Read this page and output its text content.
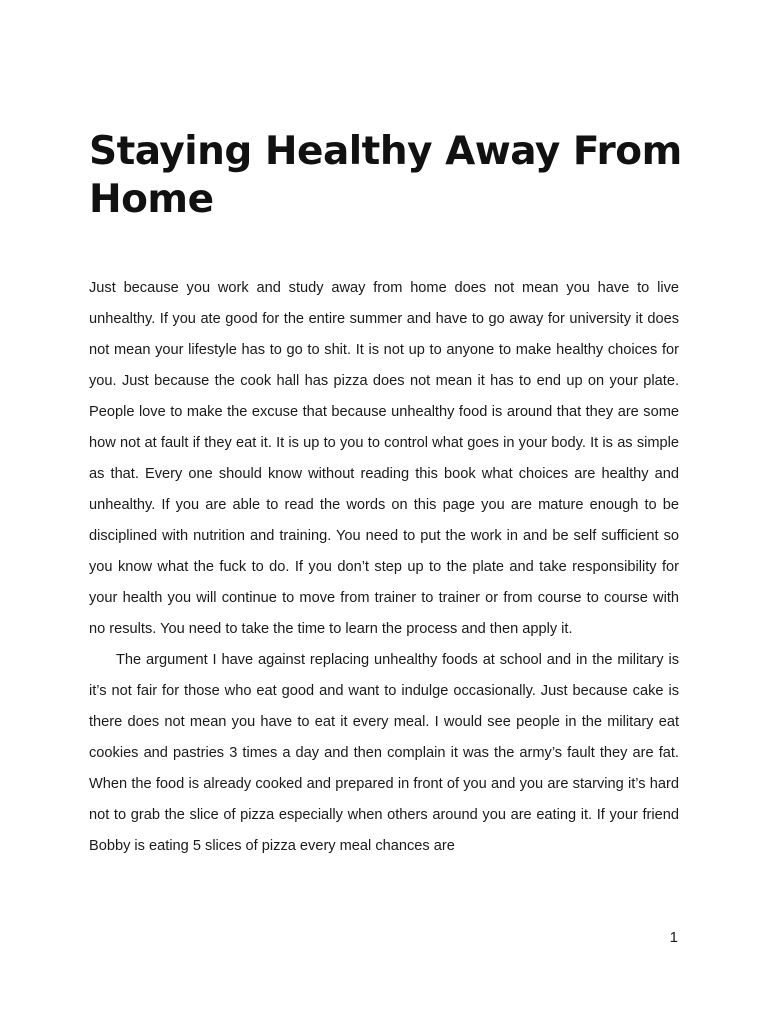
Staying Healthy Away From Home

Just because you work and study away from home does not mean you have to live unhealthy. If you ate good for the entire summer and have to go away for university it does not mean your lifestyle has to go to shit. It is not up to anyone to make healthy choices for you. Just because the cook hall has pizza does not mean it has to end up on your plate. People love to make the excuse that because unhealthy food is around that they are some how not at fault if they eat it. It is up to you to control what goes in your body. It is as simple as that. Every one should know without reading this book what choices are healthy and unhealthy. If you are able to read the words on this page you are mature enough to be disciplined with nutrition and training. You need to put the work in and be self sufficient so you know what the fuck to do. If you don’t step up to the plate and take responsibility for your health you will continue to move from trainer to trainer or from course to course with no results. You need to take the time to learn the process and then apply it.

The argument I have against replacing unhealthy foods at school and in the military is it’s not fair for those who eat good and want to indulge occasionally. Just because cake is there does not mean you have to eat it every meal. I would see people in the military eat cookies and pastries 3 times a day and then complain it was the army’s fault they are fat. When the food is already cooked and prepared in front of you and you are starving it’s hard not to grab the slice of pizza especially when others around you are eating it. If your friend Bobby is eating 5 slices of pizza every meal chances are

1
